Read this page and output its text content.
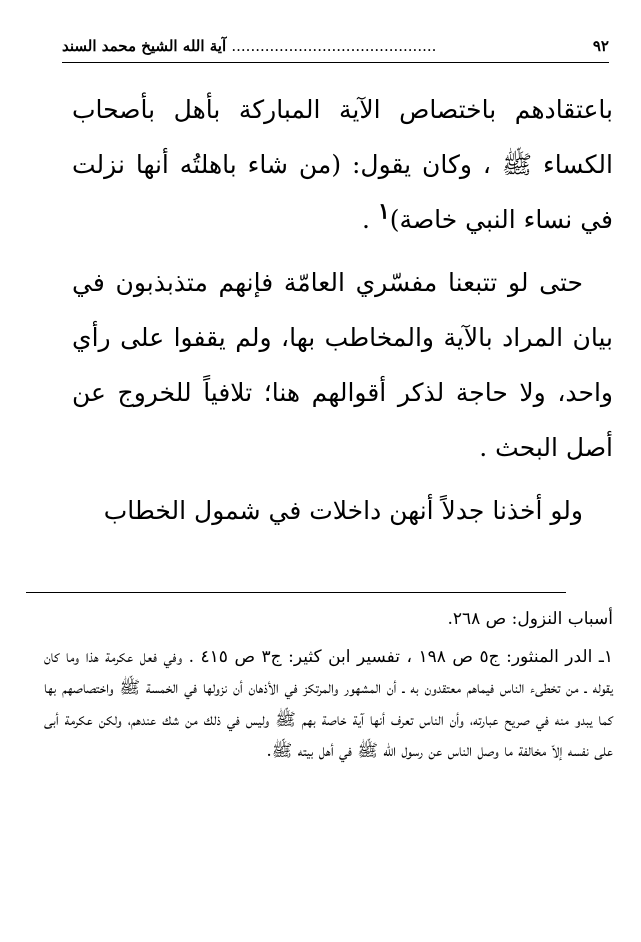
٩٢
........................................... آية الله الشيخ محمد السند

باعتقادهم باختصاص الآية المباركة بأهل بأصحاب الكساء ﷺ ، وكان يقول: (من شاء باهلتُه أنها نزلت في نساء النبي خاصة)١ .

حتى لو تتبعنا مفسّري العامّة فإنهم متذبذبون في بيان المراد بالآية والمخاطب بها، ولم يقفوا على رأي واحد، ولا حاجة لذكر أقوالهم هنا؛ تلافياً للخروج عن أصل البحث .

ولو أخذنا جدلاً أنهن داخلات في شمول الخطاب

أسباب النزول: ص ٢٦٨.

١ـ الدر المنثور: ج٥ ص ١٩٨ ، تفسير ابن كثير: ج٣ ص ٤١٥ . وفي فعل عكرمة هذا وما كان يقوله ـ من تخطىء الناس فيماهم معتقدون به ـ أن المشهور والمرتكز في الأذهان أن نزولها في الخمسة ﷺ واختصاصهم بها كما يبدو منه في صريح عبارته، وأن الناس تعرف أنها آية خاصة بهم ﷺ وليس في ذلك من شك عندهم، ولكن عكرمة أبى على نفسه إلاّ مخالفة ما وصل الناس عن رسول الله ﷺ في أهل بيته ﷺ.
